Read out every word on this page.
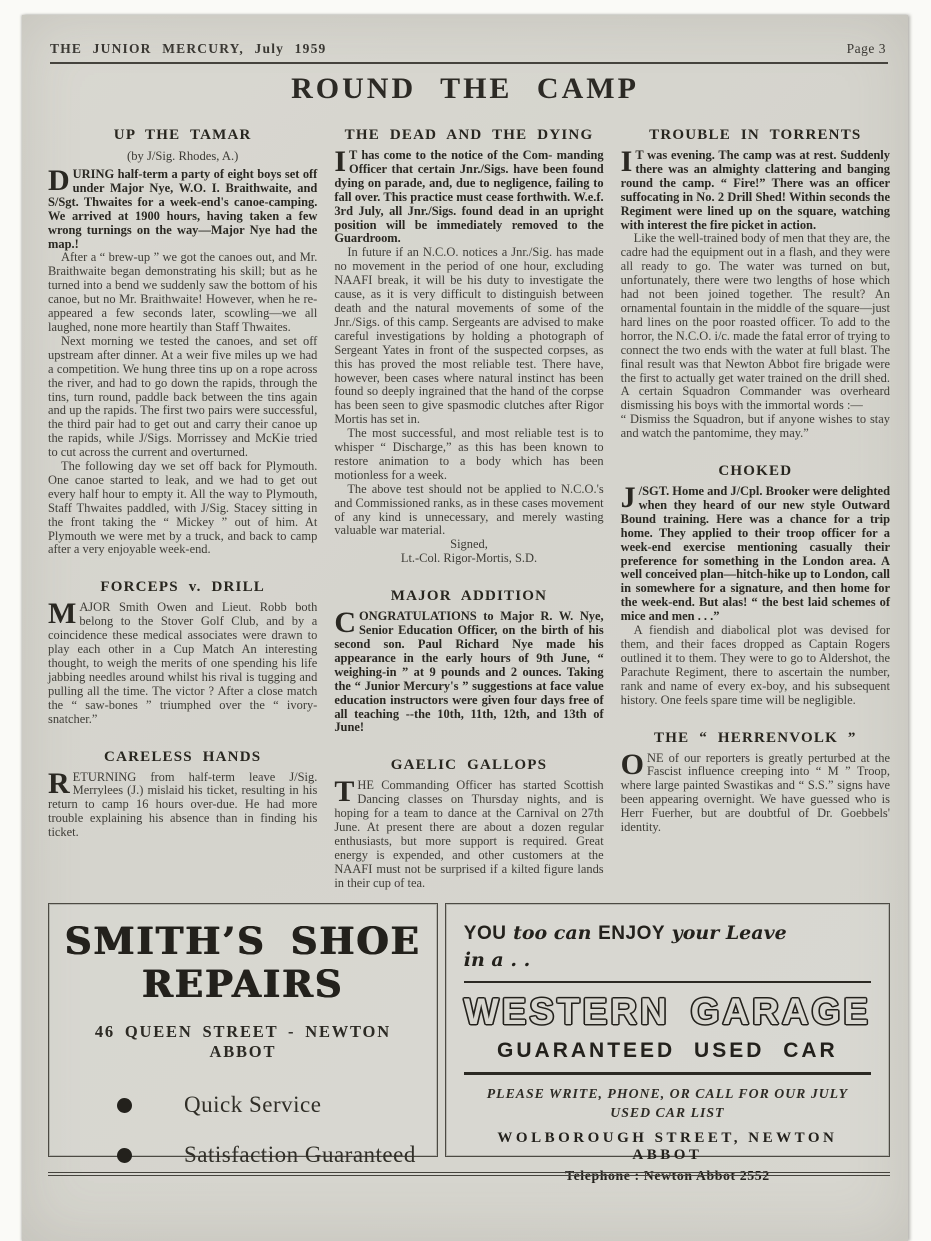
THE JUNIOR MERCURY, July 1959	Page 3
ROUND THE CAMP
UP THE TAMAR

(by J/Sig. Rhodes, A.)

DURING half-term a party of eight boys set off under Major Nye, W.O. I. Braithwaite, and S/Sgt. Thwaites for a week-end's canoe-camping. We arrived at 1900 hours, having taken a few wrong turnings on the way—Major Nye had the map.!

After a “ brew-up ” we got the canoes out, and Mr. Braithwaite began demonstrating his skill; but as he turned into a bend we suddenly saw the bottom of his canoe, but no Mr. Braithwaite! However, when he re-appeared a few seconds later, scowling—we all laughed, none more heartily than Staff Thwaites.

Next morning we tested the canoes, and set off upstream after dinner. At a weir five miles up we had a competition. We hung three tins up on a rope across the river, and had to go down the rapids, through the tins, turn round, paddle back between the tins again and up the rapids. The first two pairs were successful, the third pair had to get out and carry their canoe up the rapids, while J/Sigs. Morrissey and McKie tried to cut across the current and overturned.

The following day we set off back for Plymouth. One canoe started to leak, and we had to get out every half hour to empty it. All the way to Plymouth, Staff Thwaites paddled, with J/Sig. Stacey sitting in the front taking the “ Mickey ” out of him. At Plymouth we were met by a truck, and back to camp after a very enjoyable week-end.

FORCEPS v. DRILL

MAJOR Smith Owen and Lieut. Robb both belong to the Stover Golf Club, and by a coincidence these medical associates were drawn to play each other in a Cup Match An interesting thought, to weigh the merits of one spending his life jabbing needles around whilst his rival is tugging and pulling all the time. The victor ? After a close match the “ saw-bones ” triumphed over the “ ivory-snatcher.”

CARELESS HANDS

RETURNING from half-term leave J/Sig. Merrylees (J.) mislaid his ticket, resulting in his return to camp 16 hours over-due. He had more trouble explaining his absence than in finding his ticket.

THE DEAD AND THE DYING

I T has come to the notice of the Com- manding Officer that certain Jnr./Sigs. have been found dying on parade, and, due to negligence, failing to fall over. This practice must cease forthwith. W.e.f. 3rd July, all Jnr./Sigs. found dead in an upright position will be immediately removed to the Guardroom.

In future if an N.C.O. notices a Jnr./Sig. has made no movement in the period of one hour, excluding NAAFI break, it will be his duty to investigate the cause, as it is very difficult to distinguish between death and the natural movements of some of the Jnr./Sigs. of this camp. Sergeants are advised to make careful investigations by holding a photograph of Sergeant Yates in front of the suspected corpses, as this has proved the most reliable test. There have, however, been cases where natural instinct has been found so deeply ingrained that the hand of the corpse has been seen to give spasmodic clutches after Rigor Mortis has set in.

The most successful, and most reliable test is to whisper “ Discharge,” as this has been known to restore animation to a body which has been motionless for a week.

The above test should not be applied to N.C.O.'s and Commissioned ranks, as in these cases movement of any kind is unnecessary, and merely wasting valuable war material.

Signed,

Lt.-Col. Rigor-Mortis, S.D.

MAJOR ADDITION

CONGRATULATIONS to Major R. W. Nye, Senior Education Officer, on the birth of his second son. Paul Richard Nye made his appearance in the early hours of 9th June, “ weighing-in ” at 9 pounds and 2 ounces. Taking the “ Junior Mercury's ” suggestions at face value education instructors were given four days free of all teaching --the 10th, 11th, 12th, and 13th of June!

GAELIC GALLOPS

THE Commanding Officer has started Scottish Dancing classes on Thursday nights, and is hoping for a team to dance at the Carnival on 27th June. At present there are about a dozen regular enthusiasts, but more support is required. Great energy is expended, and other customers at the NAAFI must not be surprised if a kilted figure lands in their cup of tea.

TROUBLE IN TORRENTS

I T was evening. The camp was at rest. Suddenly there was an almighty clattering and banging round the camp. “ Fire!” There was an officer suffocating in No. 2 Drill Shed! Within seconds the Regiment were lined up on the square, watching with interest the fire picket in action.

Like the well-trained body of men that they are, the cadre had the equipment out in a flash, and they were all ready to go. The water was turned on but, unfortunately, there were two lengths of hose which had not been joined together. The result? An ornamental fountain in the middle of the square—just hard lines on the poor roasted officer. To add to the horror, the N.C.O. i/c. made the fatal error of trying to connect the two ends with the water at full blast. The final result was that Newton Abbot fire brigade were the first to actually get water trained on the drill shed. A certain Squadron Commander was overheard dismissing his boys with the immortal words :—

“ Dismiss the Squadron, but if anyone wishes to stay and watch the pantomime, they may.”

CHOKED

J /SGT. Home and J/Cpl. Brooker were delighted when they heard of our new style Outward Bound training. Here was a chance for a trip home. They applied to their troop officer for a week-end exercise mentioning casually their preference for something in the London area. A well conceived plan—hitch-hike up to London, call in somewhere for a signature, and then home for the week-end. But alas! “ the best laid schemes of mice and men . . .”

A fiendish and diabolical plot was devised for them, and their faces dropped as Captain Rogers outlined it to them. They were to go to Aldershot, the Parachute Regiment, there to ascertain the number, rank and name of every ex-boy, and his subsequent history. One feels spare time will be negligible.

THE “ HERRENVOLK ”

ONE of our reporters is greatly perturbed at the Fascist influence creeping into “ M ” Troop, where large painted Swastikas and “ S.S.” signs have been appearing overnight. We have guessed who is Herr Fuerher, but are doubtful of Dr. Goebbels' identity.

SMITH’S SHOE
REPAIRS
46 QUEEN STREET - NEWTON ABBOT
Quick Service
Satisfaction Guaranteed
YOU too can ENJOY your Leave
in a . .
WESTERN GARAGE
GUARANTEED USED CAR
PLEASE WRITE, PHONE, OR CALL FOR OUR JULY
USED CAR LIST
WOLBOROUGH STREET, NEWTON ABBOT
Telephone : Newton Abbot 2552
